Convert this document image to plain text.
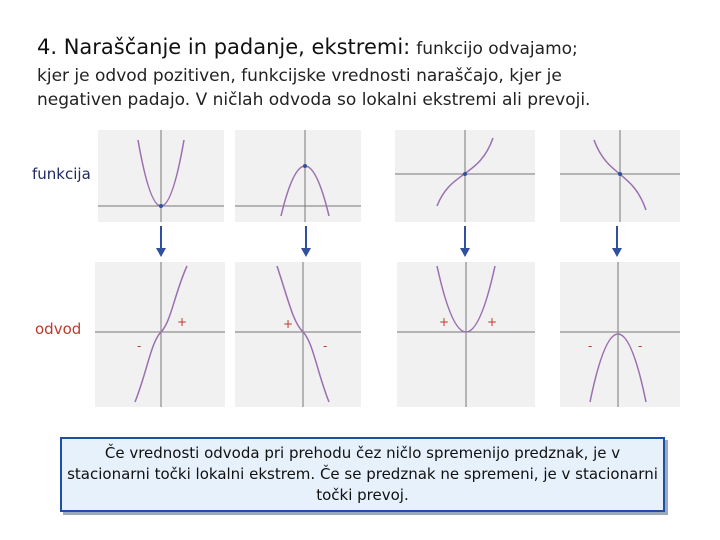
4. Naraščanje in padanje, ekstremi: funkcijo odvajamo;
kjer je odvod pozitiven, funkcijske vrednosti naraščajo, kjer je
negativen padajo. V ničlah odvoda so lokalni ekstremi ali prevoji.
funkcija
odvod
-
+	+
-
+	+
-	-
Če vrednosti odvoda pri prehodu čez ničlo spremenijo predznak, je v stacionarni točki lokalni ekstrem. Če se predznak ne spremeni, je v stacionarni točki prevoj.
